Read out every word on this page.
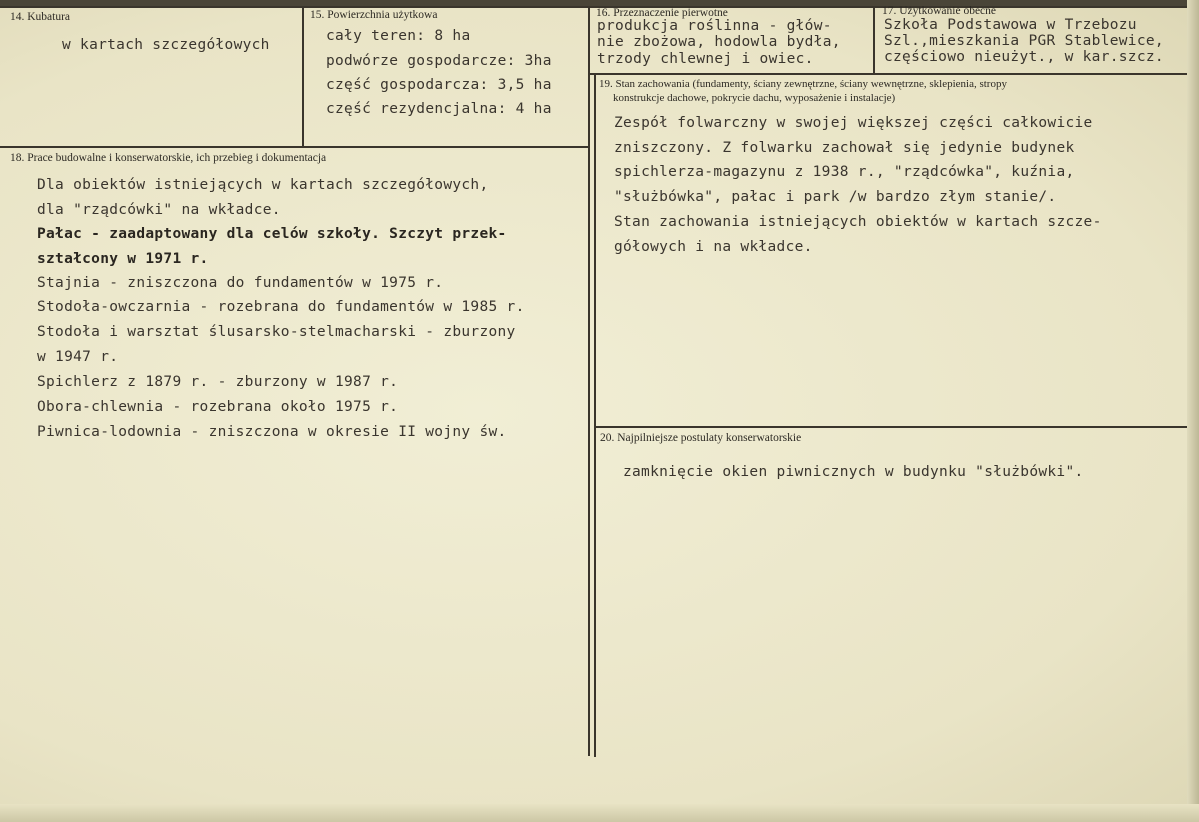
14. Kubatura
w kartach szczegółowych
15. Powierzchnia użytkowa
cały teren: 8 ha
podwórze gospodarcze: 3ha
część gospodarcza: 3,5 ha
część rezydencjalna: 4 ha
16. Przeznaczenie pierwotne
produkcja roślinna - głów-
nie zbożowa, hodowla bydła,
trzody chlewnej i owiec.
17. Użytkowanie obecne
Szkoła Podstawowa w Trzebozu
Szl.,mieszkania PGR Stablewice,
częściowo nieużyt., w kar.szcz.
18. Prace budowalne i konserwatorskie, ich przebieg i dokumentacja
Dla obiektów istniejących w kartach szczegółowych,
dla "rządcówki" na wkładce.
Pałac - zaadaptowany dla celów szkoły. Szczyt przek-
ształcony w 1971 r.
Stajnia - zniszczona do fundamentów w 1975 r.
Stodoła-owczarnia - rozebrana do fundamentów w 1985 r.
Stodoła i warsztat ślusarsko-stelmacharski - zburzony
w 1947 r.
Spichlerz z 1879 r. - zburzony w 1987 r.
Obora-chlewnia - rozebrana około 1975 r.
Piwnica-lodownia - zniszczona w okresie II wojny św.
19. Stan zachowania (fundamenty, ściany zewnętrzne, ściany wewnętrzne, sklepienia, stropy
konstrukcje dachowe, pokrycie dachu, wyposażenie i instalacje)
Zespół folwarczny w swojej większej części całkowicie
zniszczony. Z folwarku zachował się jedynie budynek
spichlerza-magazynu z 1938 r., "rządcówka", kuźnia,
"służbówka", pałac i park /w bardzo złym stanie/.
Stan zachowania istniejących obiektów w kartach szcze-
gółowych i na wkładce.
20. Najpilniejsze postulaty konserwatorskie
zamknięcie okien piwnicznych w budynku "służbówki".
